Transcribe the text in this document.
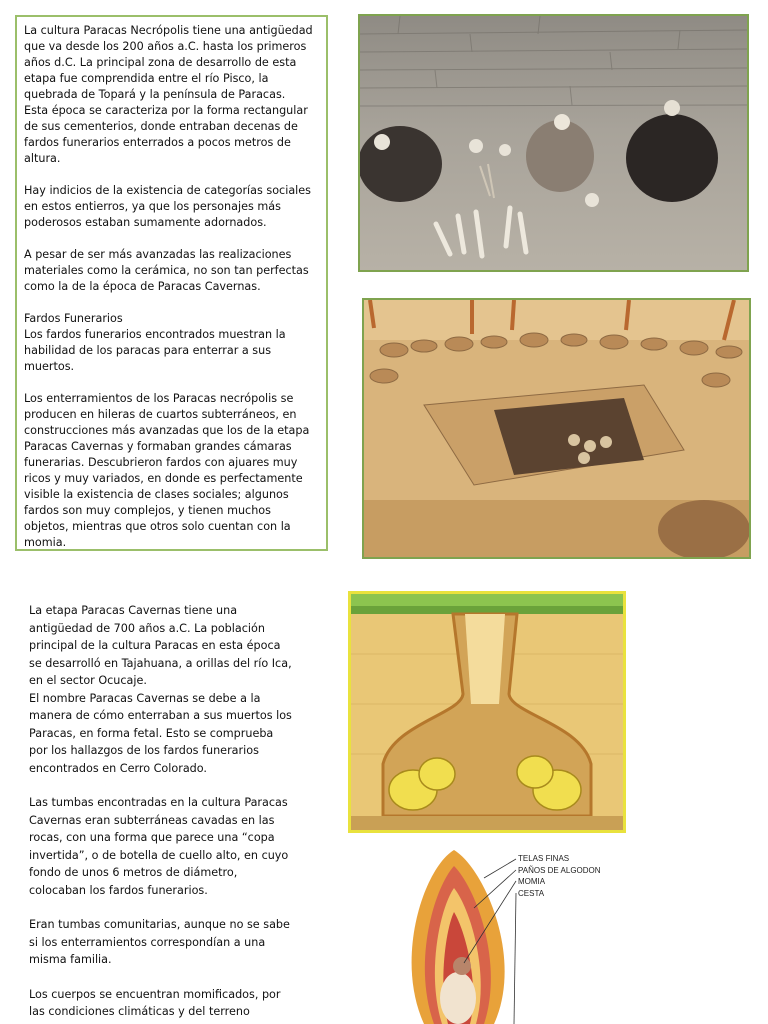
La cultura Paracas Necrópolis tiene una antigüedad que va desde los 200 años a.C. hasta los primeros años d.C. La principal zona de desarrollo de esta etapa fue comprendida entre el río Pisco, la quebrada de Topará y la península de Paracas.

Esta época se caracteriza por la forma rectangular de sus cementerios, donde entraban decenas de fardos funerarios enterrados a pocos metros de altura.

Hay indicios de la existencia de categorías sociales en estos entierros, ya que los personajes más poderosos estaban sumamente adornados.

A pesar de ser más avanzadas las realizaciones materiales como la cerámica, no son tan perfectas como la de la época de Paracas Cavernas.

Fardos Funerarios

Los fardos funerarios encontrados muestran la habilidad de los paracas para enterrar a sus muertos.

Los enterramientos de los Paracas necrópolis se producen en hileras de cuartos subterráneos, en construcciones más avanzadas que los de la etapa Paracas Cavernas y formaban grandes cámaras funerarias. Descubrieron fardos con ajuares muy ricos y muy variados, en donde es perfectamente visible la existencia de clases sociales; algunos fardos son muy complejos, y tienen muchos objetos, mientras que otros solo cuentan con la momia.

La etapa Paracas Cavernas tiene una antigüedad de 700 años a.C. La población principal de la cultura Paracas en esta época se desarrolló en Tajahuana, a orillas del río Ica, en el sector Ocucaje.

El nombre Paracas Cavernas se debe a la manera de cómo enterraban a sus muertos los Paracas, en forma fetal. Esto se comprueba por los hallazgos de los fardos funerarios encontrados en Cerro Colorado.

Las tumbas encontradas en la cultura Paracas Cavernas eran subterráneas cavadas en las rocas, con una forma que parece una “copa invertida”, o de botella de cuello alto, en cuyo fondo de unos 6 metros de diámetro, colocaban los fardos funerarios.

Eran tumbas comunitarias, aunque no se sabe si los enterramientos correspondían a una misma familia.

Los cuerpos se encuentran momificados, por las condiciones climáticas y del terreno

TELAS FINAS
PAÑOS DE ALGODON
MOMIA
CESTA
